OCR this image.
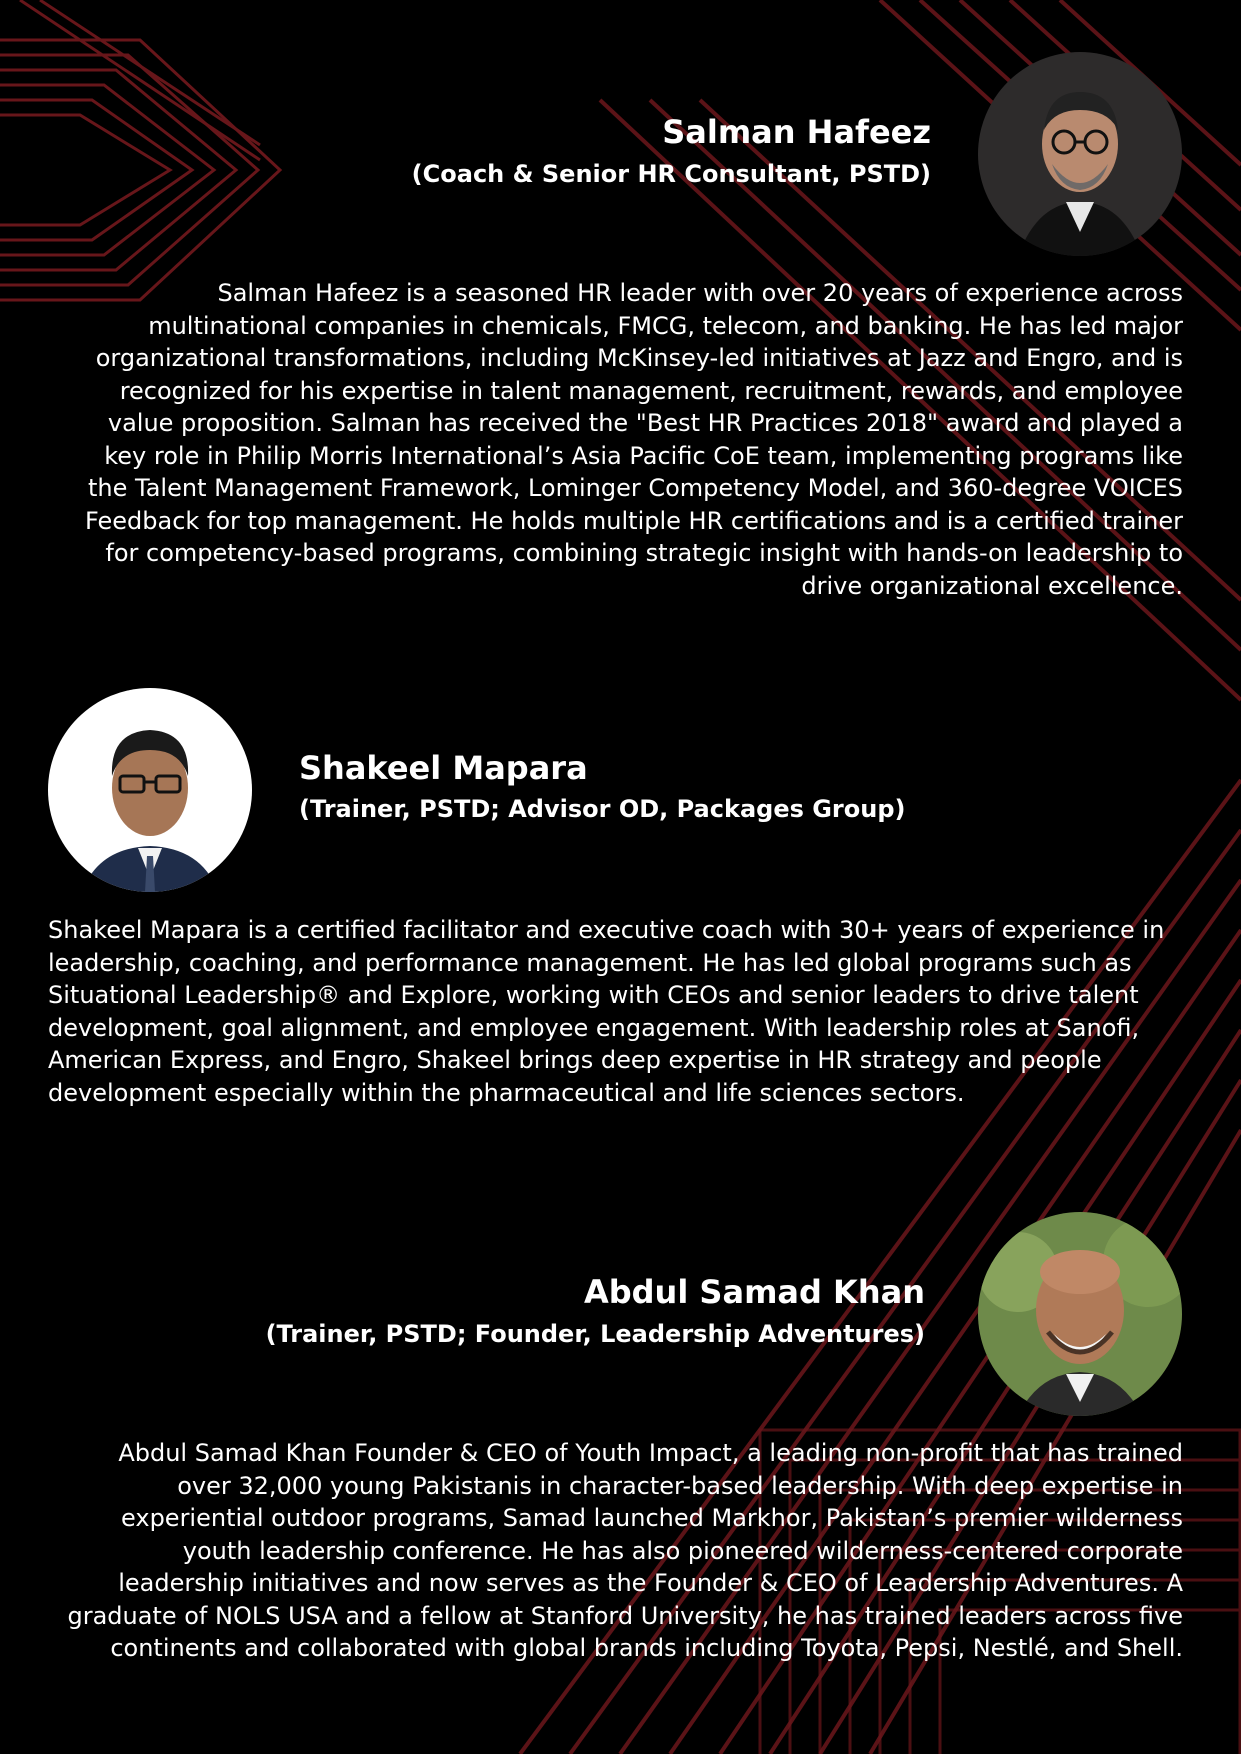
Salman Hafeez
(Coach & Senior HR Consultant, PSTD)

Salman Hafeez is a seasoned HR leader with over 20 years of experience across multinational companies in chemicals, FMCG, telecom, and banking. He has led major organizational transformations, including McKinsey-led initiatives at Jazz and Engro, and is recognized for his expertise in talent management, recruitment, rewards, and employee value proposition. Salman has received the "Best HR Practices 2018" award and played a key role in Philip Morris International’s Asia Pacific CoE team, implementing programs like the Talent Management Framework, Lominger Competency Model, and 360-degree VOICES Feedback for top management. He holds multiple HR certifications and is a certified trainer for competency-based programs, combining strategic insight with hands-on leadership to drive organizational excellence.

Shakeel Mapara
(Trainer, PSTD; Advisor OD, Packages Group)

Shakeel Mapara is a certified facilitator and executive coach with 30+ years of experience in leadership, coaching, and performance management. He has led global programs such as Situational Leadership® and Explore, working with CEOs and senior leaders to drive talent development, goal alignment, and employee engagement. With leadership roles at Sanofi, American Express, and Engro, Shakeel brings deep expertise in HR strategy and people development especially within the pharmaceutical and life sciences sectors.

Abdul Samad Khan
(Trainer, PSTD; Founder, Leadership Adventures)

Abdul Samad Khan Founder & CEO of Youth Impact, a leading non-profit that has trained over 32,000 young Pakistanis in character-based leadership. With deep expertise in experiential outdoor programs, Samad launched Markhor, Pakistan’s premier wilderness youth leadership conference. He has also pioneered wilderness-centered corporate leadership initiatives and now serves as the Founder & CEO of Leadership Adventures. A graduate of NOLS USA and a fellow at Stanford University, he has trained leaders across five continents and collaborated with global brands including Toyota, Pepsi, Nestlé, and Shell.
